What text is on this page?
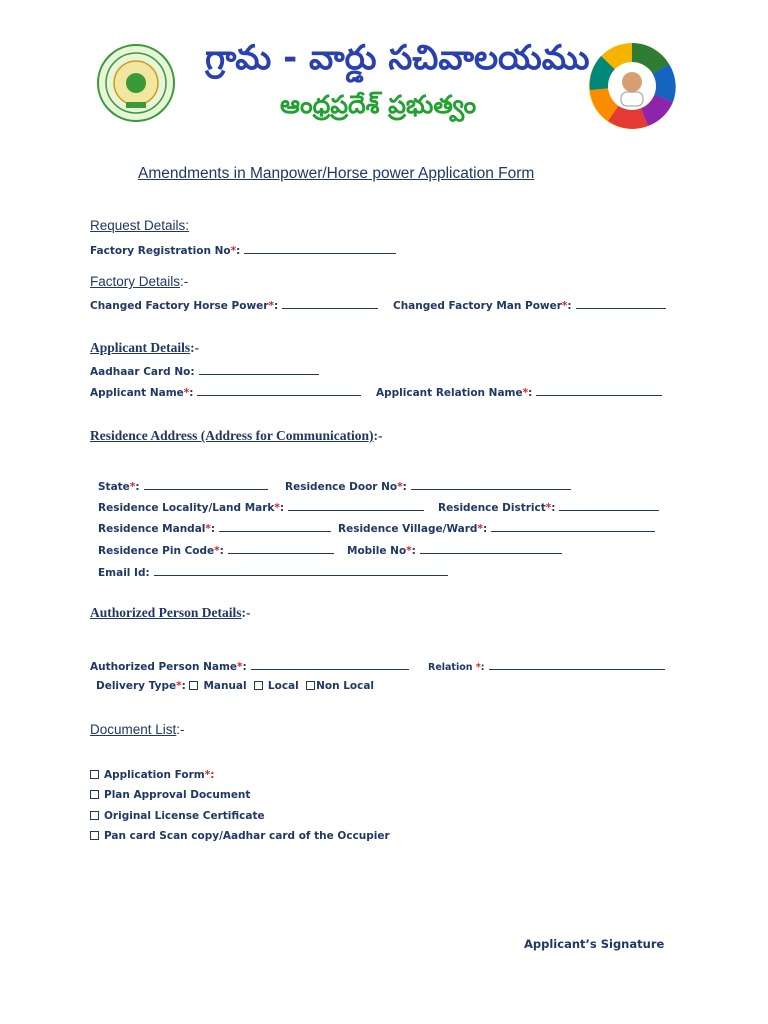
గ్రామ - వార్డు సచివాలయము
ఆంధ్రప్రదేశ్ ప్రభుత్వం
Amendments in Manpower/Horse power Application Form
Request Details:
Factory Registration No*:
Factory Details:-
Changed Factory Horse Power*:	Changed Factory Man Power*:
Applicant Details:-
Aadhaar Card No:
Applicant Name*:	Applicant Relation Name*:
Residence Address (Address for Communication):-
State*:	Residence Door No*:
Residence Locality/Land Mark*:	Residence District*:
Residence Mandal*:	Residence Village/Ward*:
Residence Pin Code*:	Mobile No*:
Email Id:
Authorized Person Details:-
Authorized Person Name*:	Relation *:
Delivery Type*: Manual Local Non Local
Document List:-
Application Form*:
Plan Approval Document
Original License Certificate
Pan card Scan copy/Aadhar card of the Occupier
Applicant’s Signature
